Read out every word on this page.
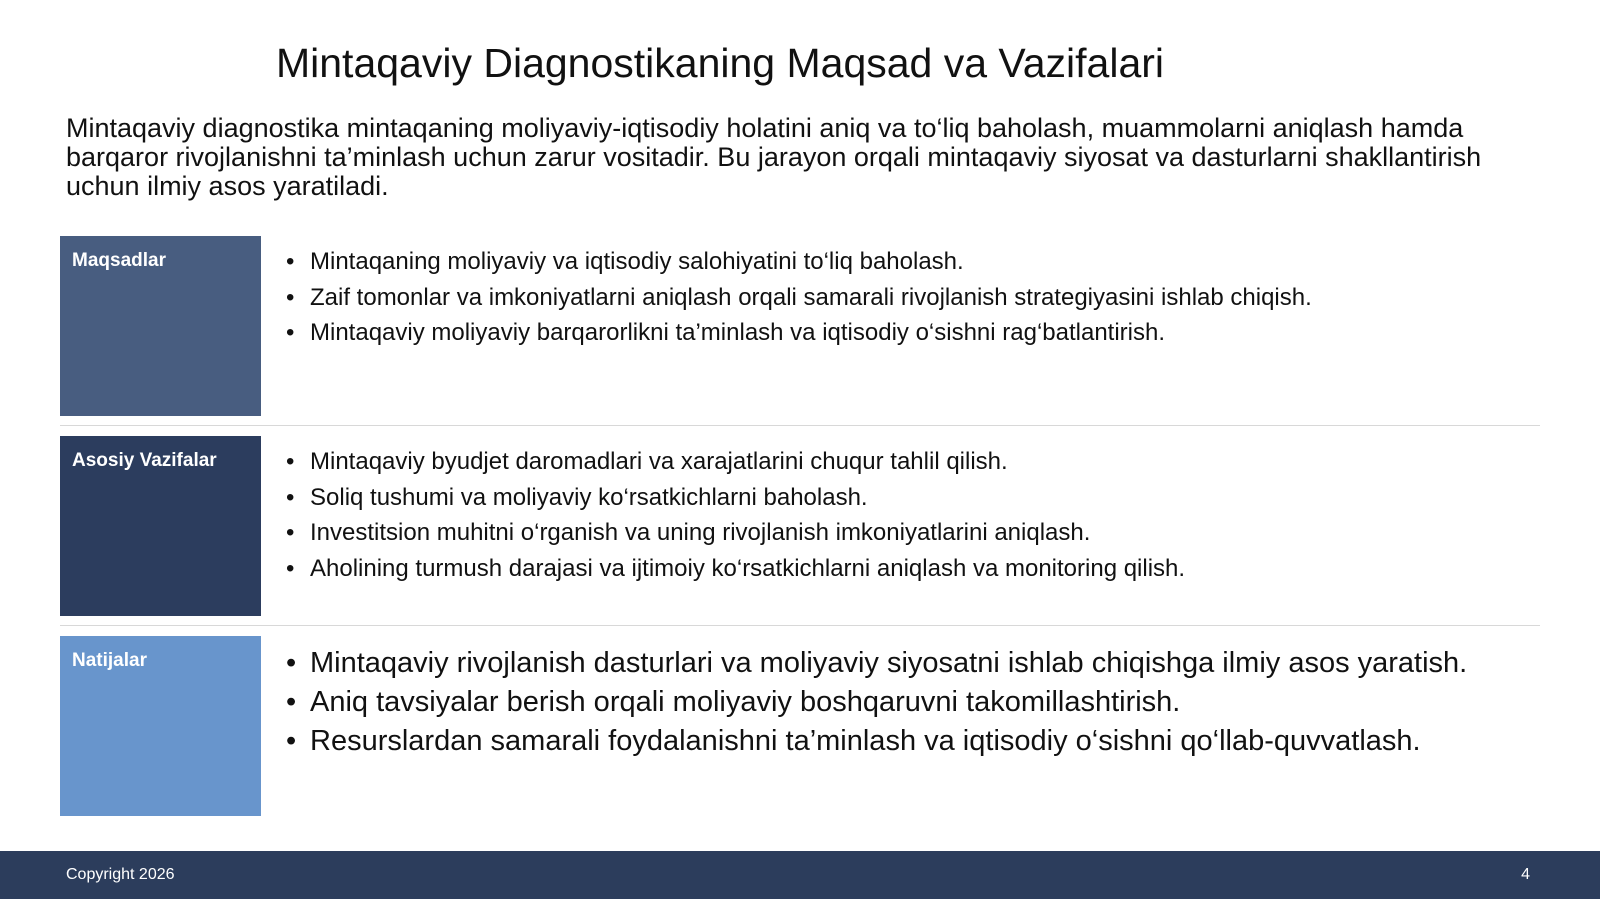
Mintaqaviy Diagnostikaning Maqsad va Vazifalari

Mintaqaviy diagnostika mintaqaning moliyaviy-iqtisodiy holatini aniq va to‘liq baholash, muammolarni aniqlash hamda barqaror rivojlanishni ta’minlash uchun zarur vositadir. Bu jarayon orqali mintaqaviy siyosat va dasturlarni shakllantirish uchun ilmiy asos yaratiladi.

Maqsadlar	• Mintaqaning moliyaviy va iqtisodiy salohiyatini to‘liq baholash.
• Zaif tomonlar va imkoniyatlarni aniqlash orqali samarali rivojlanish strategiyasini ishlab chiqish.
• Mintaqaviy moliyaviy barqarorlikni ta’minlash va iqtisodiy o‘sishni rag‘batlantirish.
Asosiy Vazifalar	• Mintaqaviy byudjet daromadlari va xarajatlarini chuqur tahlil qilish.
• Soliq tushumi va moliyaviy ko‘rsatkichlarni baholash.
• Investitsion muhitni o‘rganish va uning rivojlanish imkoniyatlarini aniqlash.
• Aholining turmush darajasi va ijtimoiy ko‘rsatkichlarni aniqlash va monitoring qilish.
Natijalar	• Mintaqaviy rivojlanish dasturlari va moliyaviy siyosatni ishlab chiqishga ilmiy asos yaratish.
• Aniq tavsiyalar berish orqali moliyaviy boshqaruvni takomillashtirish.
• Resurslardan samarali foydalanishni ta’minlash va iqtisodiy o‘sishni qo‘llab-quvvatlash.
Copyright 2026	4
